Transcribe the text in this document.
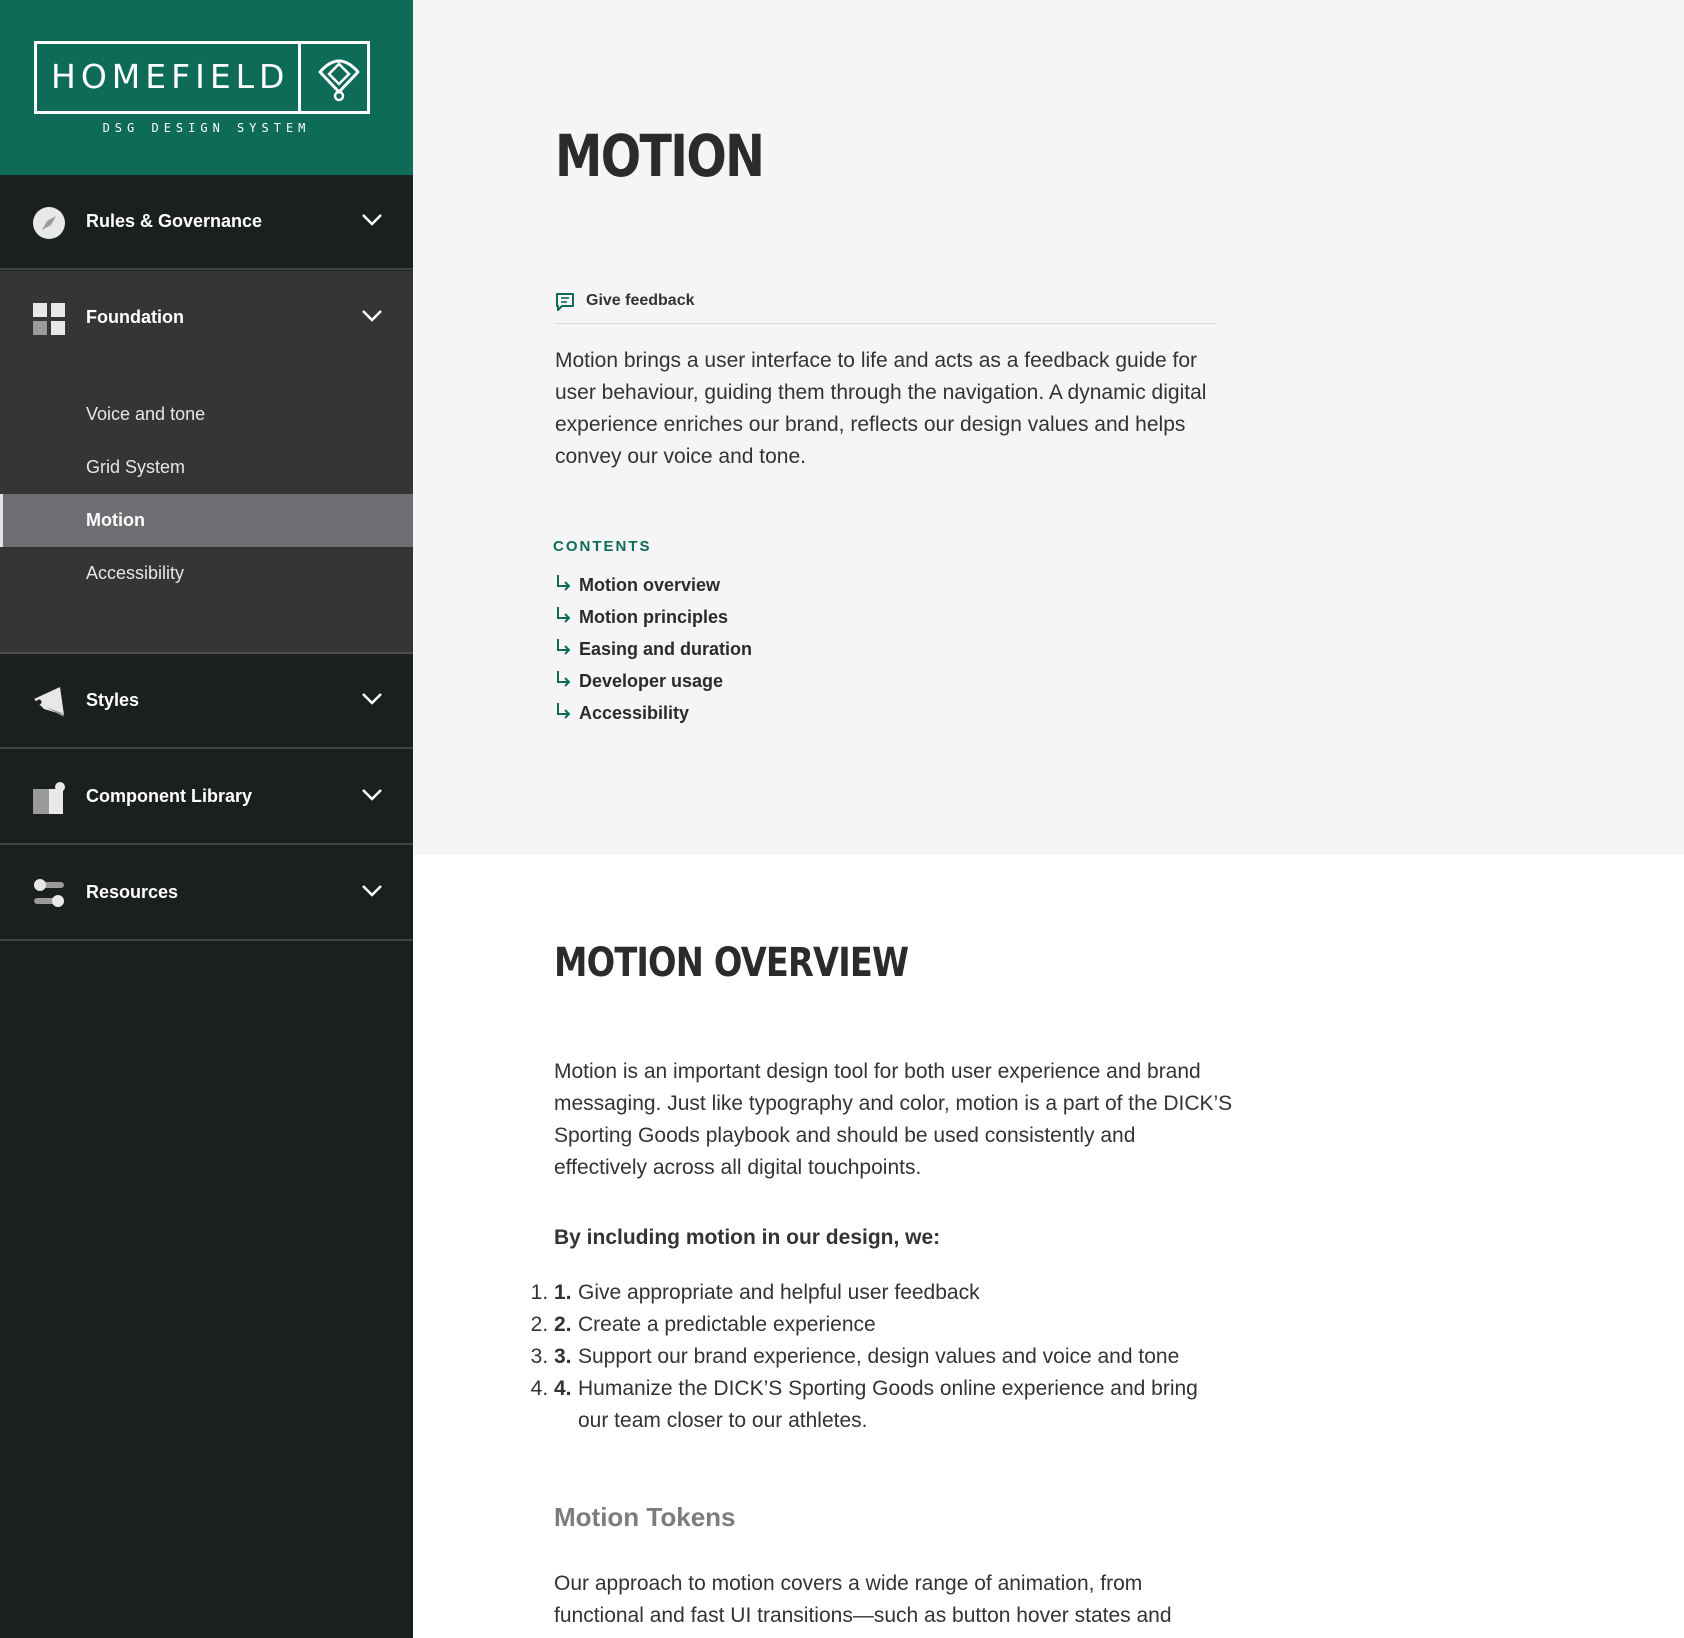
HOMEFIELD
DSG DESIGN SYSTEM
Rules & Governance
Foundation
Voice and tone
Grid System
Motion
Accessibility
Styles
Component Library
Resources
MOTION
Give feedback

Motion brings a user interface to life and acts as a feedback guide for user behaviour, guiding them through the navigation. A dynamic digital experience enriches our brand, reflects our design values and helps convey our voice and tone.

CONTENTS
Motion overview
Motion principles
Easing and duration
Developer usage
Accessibility
MOTION OVERVIEW

Motion is an important design tool for both user experience and brand messaging. Just like typography and color, motion is a part of the DICK’S Sporting Goods playbook and should be used consistently and effectively across all digital touchpoints.

By including motion in our design, we:
1. 1. Give appropriate and helpful user feedback
2. 2. Create a predictable experience
3. 3. Support our brand experience, design values and voice and tone
4. 4. Humanize the DICK’S Sporting Goods online experience and bring our team closer to our athletes.
Motion Tokens

Our approach to motion covers a wide range of animation, from functional and fast UI transitions—such as button hover states and
